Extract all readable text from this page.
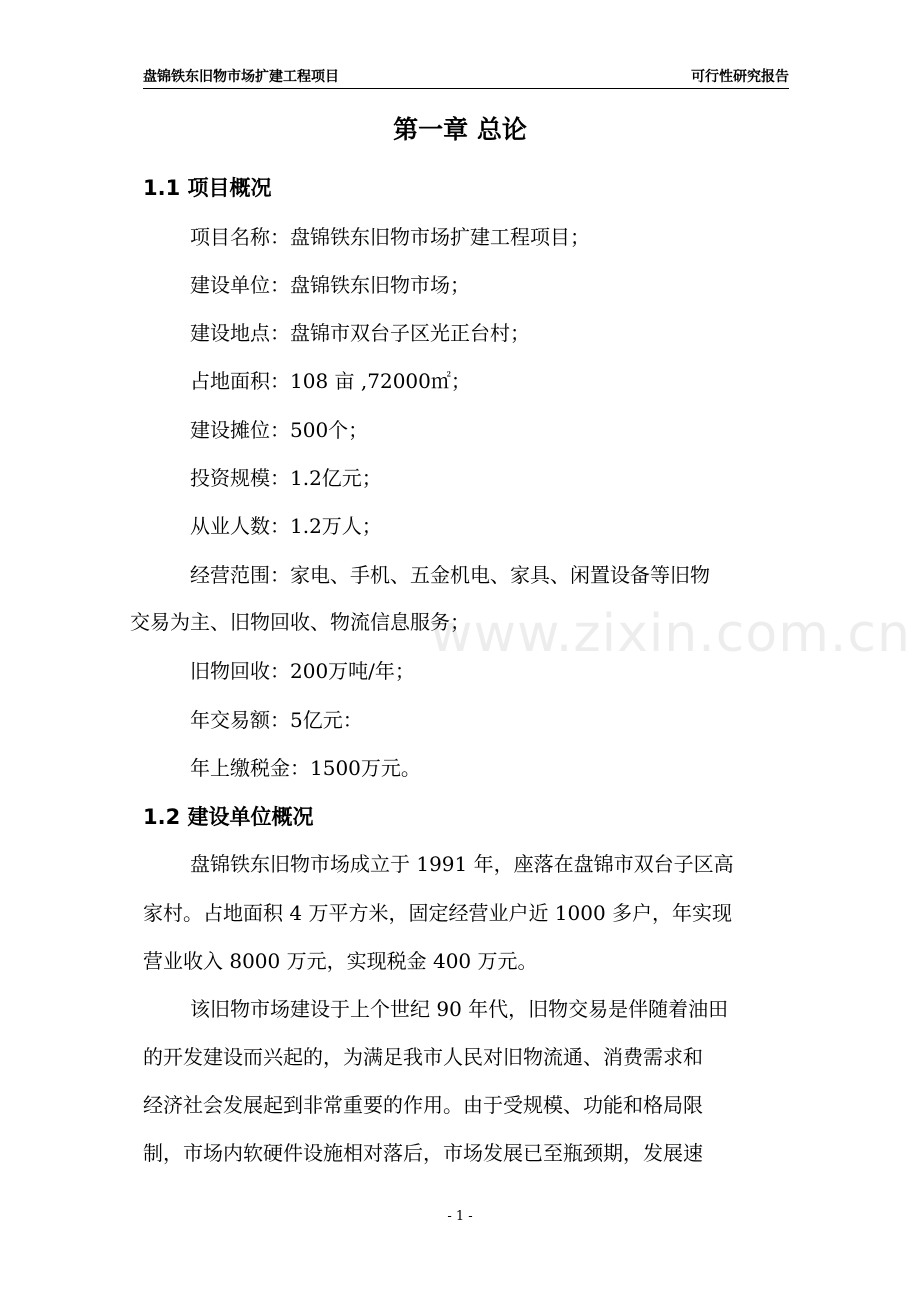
盘锦铁东旧物市场扩建工程项目	可行性研究报告
第一章 总论
1.1 项目概况
项目名称：盘锦铁东旧物市场扩建工程项目；
建设单位：盘锦铁东旧物市场；
建设地点：盘锦市双台子区光正台村；
占地面积：108 亩 ,72000㎡；
建设摊位：500个；
投资规模：1.2亿元；
从业人数：1.2万人；
经营范围：家电、手机、五金机电、家具、闲置设备等旧物
交易为主、旧物回收、物流信息服务；
www.zixin.com.cn
旧物回收：200万吨/年；
年交易额：5亿元：
年上缴税金：1500万元。
1.2 建设单位概况
盘锦铁东旧物市场成立于 1991 年，座落在盘锦市双台子区高
家村。占地面积 4 万平方米，固定经营业户近 1000 多户，年实现
营业收入 8000 万元，实现税金 400 万元。
该旧物市场建设于上个世纪 90 年代，旧物交易是伴随着油田
的开发建设而兴起的，为满足我市人民对旧物流通、消费需求和
经济社会发展起到非常重要的作用。由于受规模、功能和格局限
制，市场内软硬件设施相对落后，市场发展已至瓶颈期，发展速
- 1 -
